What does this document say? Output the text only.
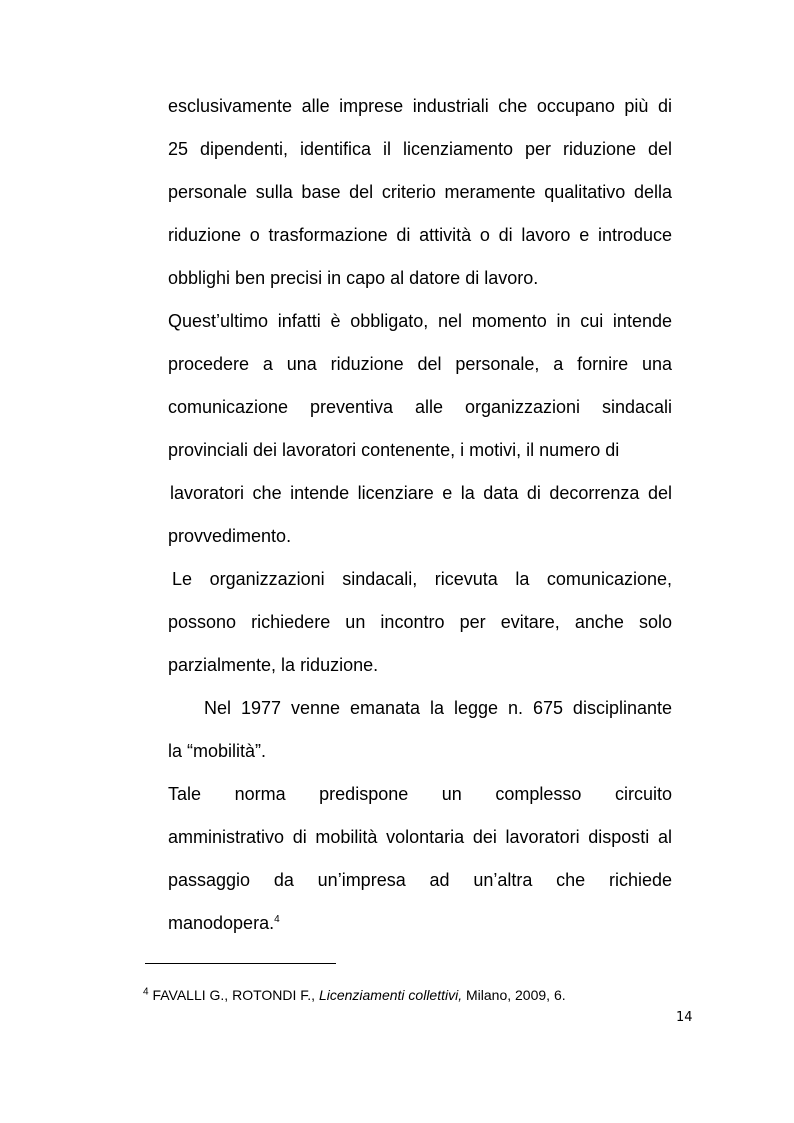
esclusivamente alle imprese industriali che occupano più di
25 dipendenti, identifica il licenziamento per riduzione del
personale sulla base del criterio meramente qualitativo della
riduzione o trasformazione di attività o di lavoro e introduce
obblighi ben precisi in capo al datore di lavoro.
Quest’ultimo infatti è obbligato, nel momento in cui intende
procedere a una riduzione del personale, a fornire una
comunicazione preventiva alle organizzazioni sindacali
provinciali dei lavoratori contenente, i motivi, il numero di
lavoratori che intende licenziare e la data di decorrenza del
provvedimento.
Le organizzazioni sindacali, ricevuta la comunicazione,
possono richiedere un incontro per evitare, anche solo
parzialmente, la riduzione.
Nel 1977 venne emanata la legge n. 675 disciplinante
la “mobilità”.
Tale norma predispone un complesso circuito
amministrativo di mobilità volontaria dei lavoratori disposti al
passaggio da un’impresa ad un’altra che richiede
manodopera.$^4$
$^4$ FAVALLI G., ROTONDI F., Licenziamenti collettivi, Milano, 2009, 6.
14
